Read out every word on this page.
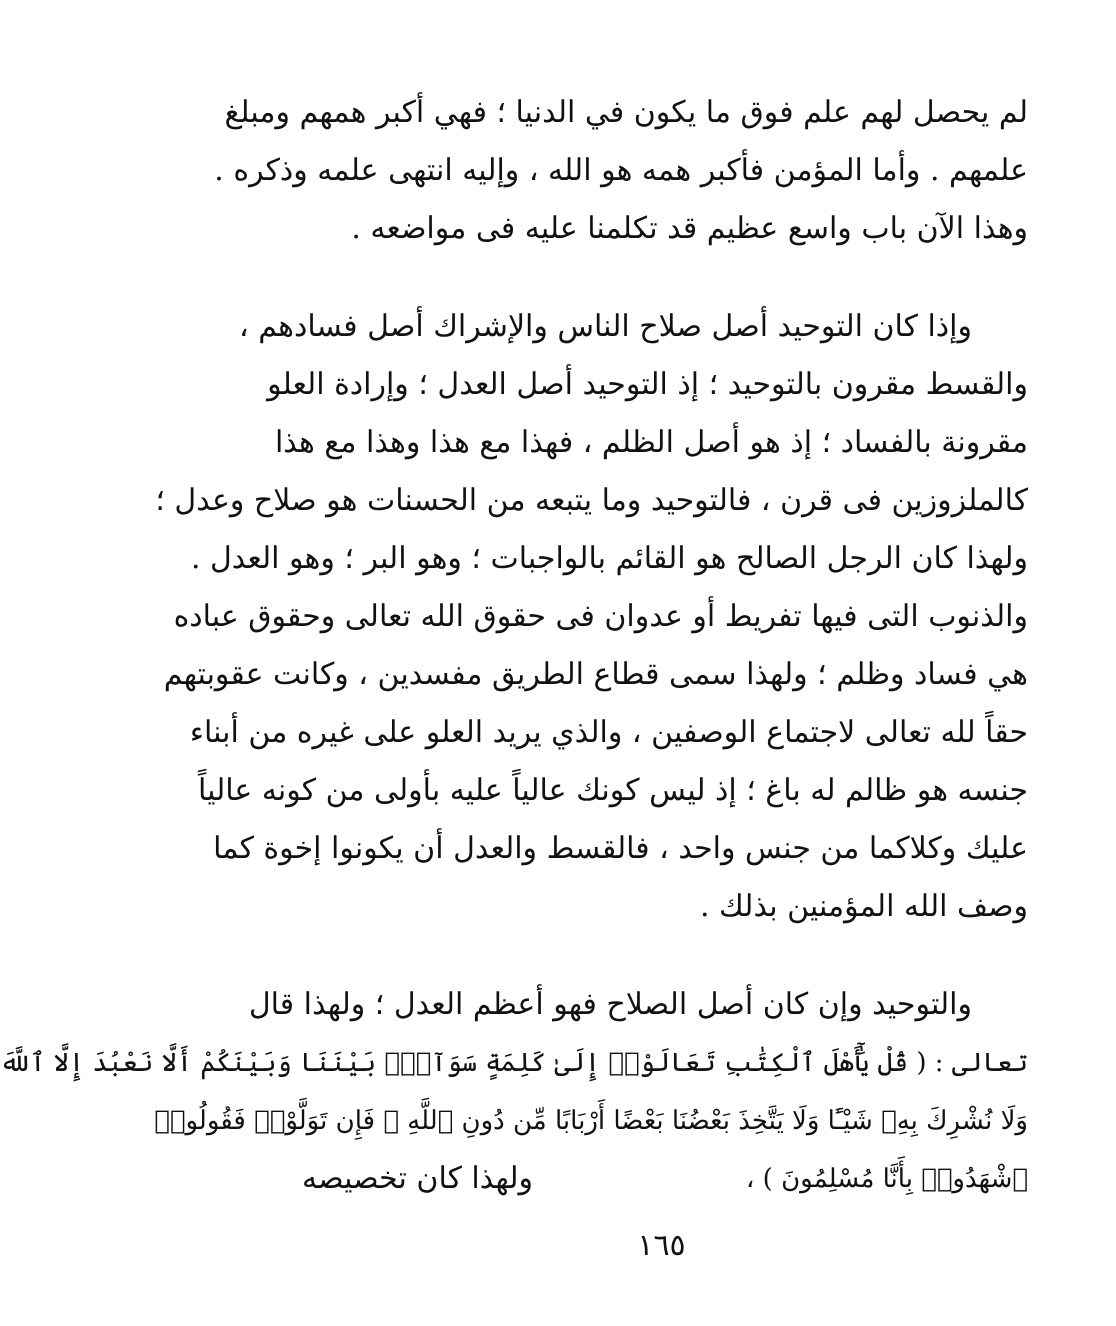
لم يحصل لهم علم فوق ما يكون في الدنيا ؛ فهي أكبر همهم ومبلغ
علمهم . وأما المؤمن فأكبر همه هو الله ، وإليه انتهى علمه وذكره .
وهذا الآن باب واسع عظيم قد تكلمنا عليه فى مواضعه .

وإذا كان التوحيد أصل صلاح الناس والإشراك أصل فسادهم ،
والقسط مقرون بالتوحيد ؛ إذ التوحيد أصل العدل ؛ وإرادة العلو
مقرونة بالفساد ؛ إذ هو أصل الظلم ، فهذا مع هذا وهذا مع هذا
كالملزوزين فى قرن ، فالتوحيد وما يتبعه من الحسنات هو صلاح وعدل ؛
ولهذا كان الرجل الصالح هو القائم بالواجبات ؛ وهو البر ؛ وهو العدل .
والذنوب التى فيها تفريط أو عدوان فى حقوق الله تعالى وحقوق عباده
هي فساد وظلم ؛ ولهذا سمى قطاع الطريق مفسدين ، وكانت عقوبتهم
حقاً لله تعالى لاجتماع الوصفين ، والذي يريد العلو على غيره من أبناء
جنسه هو ظالم له باغ ؛ إذ ليس كونك عالياً عليه بأولى من كونه عالياً
عليك وكلاكما من جنس واحد ، فالقسط والعدل أن يكونوا إخوة كما
وصف الله المؤمنين بذلك .

والتوحيد وإن كان أصل الصلاح فهو أعظم العدل ؛ ولهذا قال
تعالى : ( قُلْ يَٰٓأَهْلَ ٱلْكِتَٰبِ تَعَالَوْا۟ إِلَىٰ كَلِمَةٍ سَوَآءٍۭ بَيْنَنَا وَبَيْنَكُمْ أَلَّا نَعْبُدَ إِلَّا ٱللَّهَ
وَلَا نُشْرِكَ بِهِۦ شَيْـًٔا وَلَا يَتَّخِذَ بَعْضُنَا بَعْضًا أَرْبَابًا مِّن دُونِ ٱللَّهِ ۚ فَإِن تَوَلَّوْا۟ فَقُولُوا۟
ٱشْهَدُوا۟ بِأَنَّا مُسْلِمُونَ ) ،
ولهذا كان تخصيصه

١٦٥
